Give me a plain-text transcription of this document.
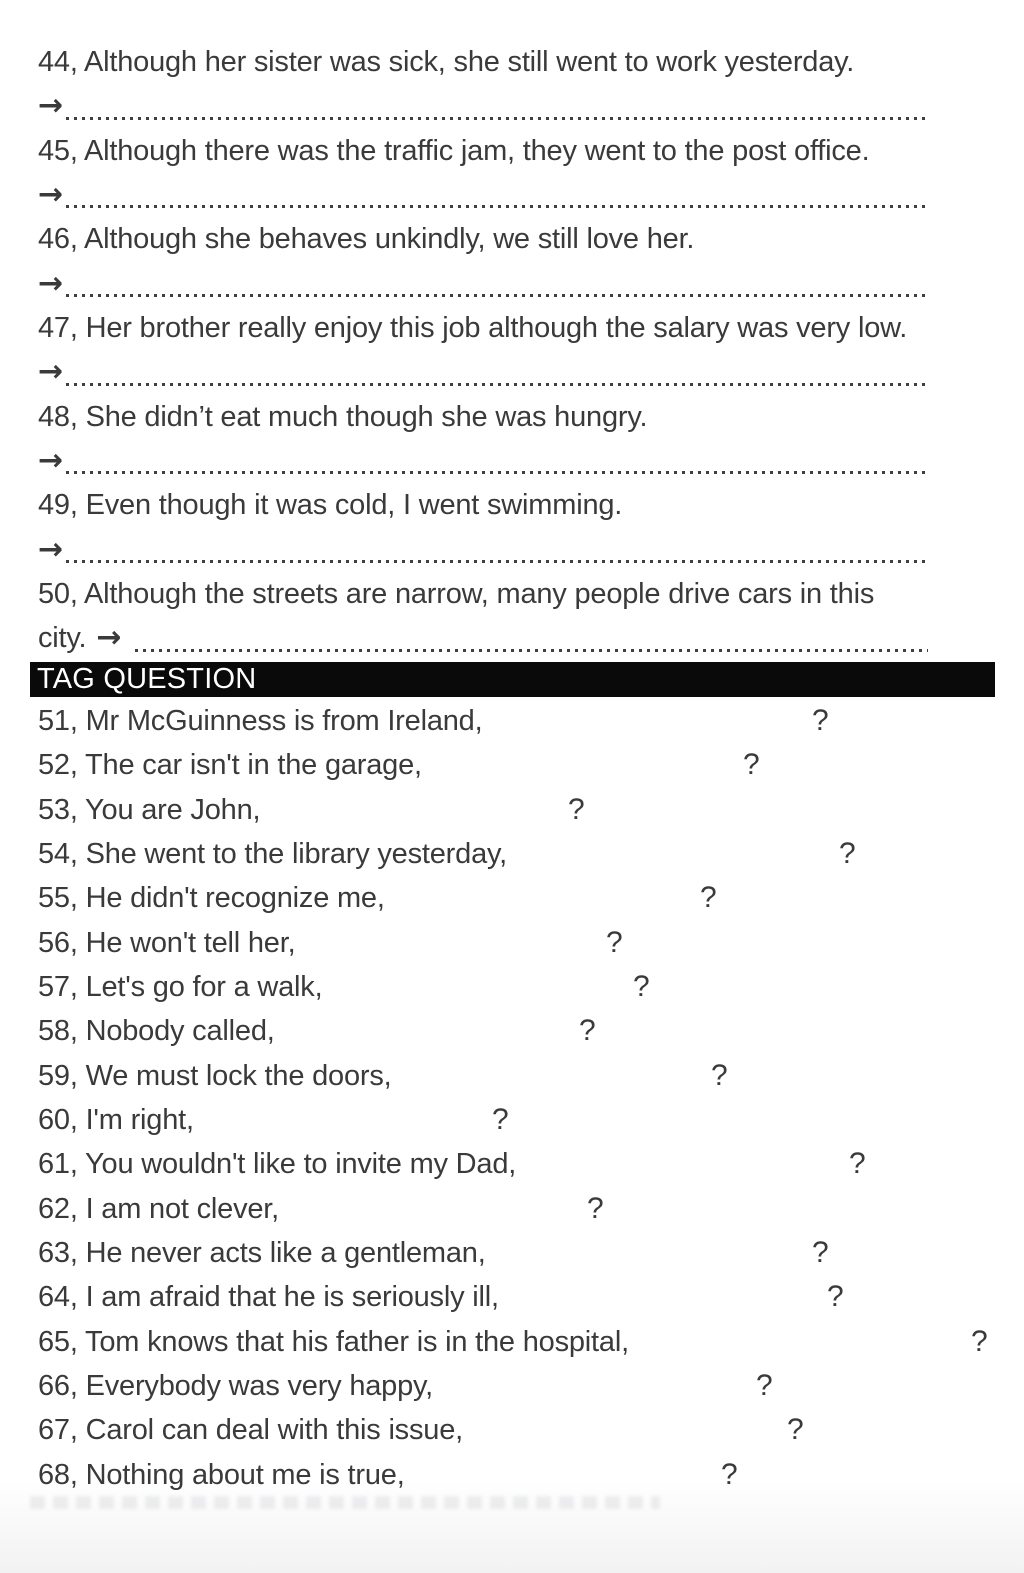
44, Although her sister was sick, she still went to work yesterday.
→
45, Although there was the traffic jam, they went to the post office.
→
46, Although she behaves unkindly, we still love her.
→
47, Her brother really enjoy this job although the salary was very low.
→
48, She didn’t eat much though she was hungry.
→
49, Even though it was cold, I went swimming.
→
50, Although the streets are narrow, many people drive cars in this
city. →
TAG QUESTION
51, Mr McGuinness is from Ireland,	?
52, The car isn't in the garage,	?
53, You are John,	?
54, She went to the library yesterday,	?
55, He didn't recognize me,	?
56, He won't tell her,	?
57, Let's go for a walk,	?
58, Nobody called,	?
59, We must lock the doors,	?
60, I'm right,	?
61, You wouldn't like to invite my Dad,	?
62, I am not clever,	?
63, He never acts like a gentleman,	?
64, I am afraid that he is seriously ill,	?
65, Tom knows that his father is in the hospital,	?
66, Everybody was very happy,	?
67, Carol can deal with this issue,	?
68, Nothing about me is true,	?
